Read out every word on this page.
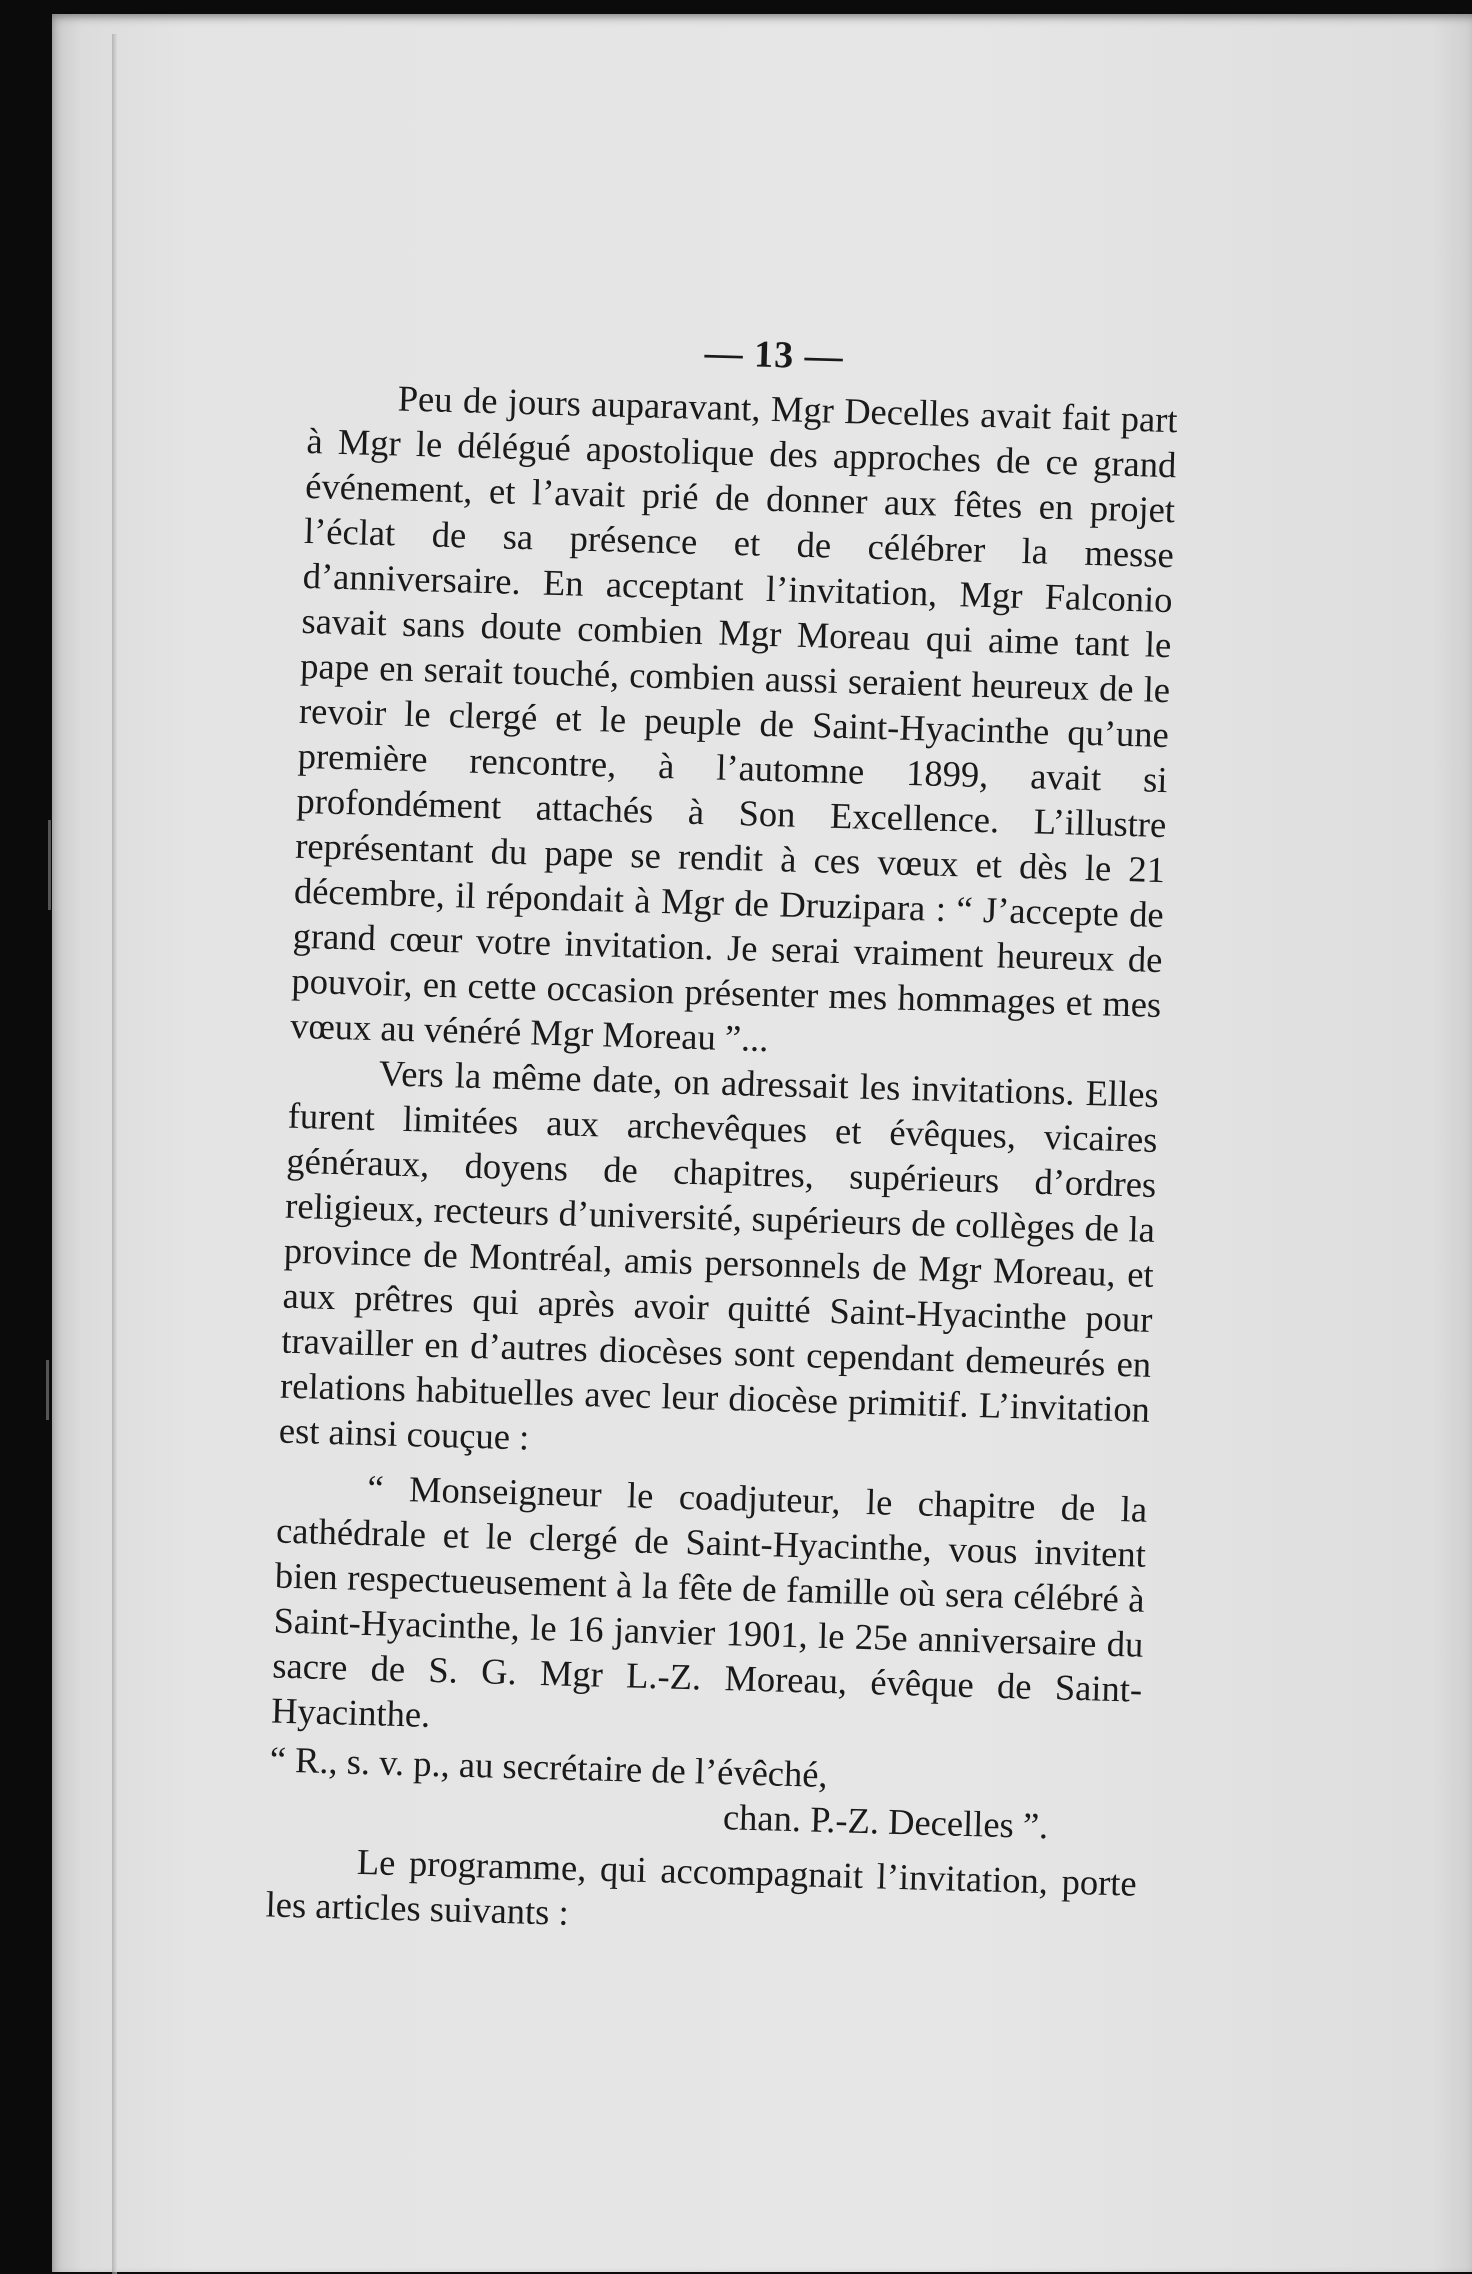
— 13 —

Peu de jours auparavant, Mgr Decelles avait fait part à Mgr le délégué apostolique des approches de ce grand événement, et l’avait prié de donner aux fêtes en projet l’éclat de sa présence et de célébrer la messe d’anniversaire. En acceptant l’invitation, Mgr Falconio savait sans doute combien Mgr Moreau qui aime tant le pape en serait touché, combien aussi seraient heureux de le revoir le clergé et le peuple de Saint-Hyacinthe qu’une première rencontre, à l’automne 1899, avait si profondément attachés à Son Excellence. L’illustre représentant du pape se rendit à ces vœux et dès le 21 décembre, il répondait à Mgr de Druzipara : “ J’accepte de grand cœur votre invitation. Je serai vraiment heureux de pouvoir, en cette occasion présenter mes hommages et mes vœux au vénéré Mgr Moreau ”...

Vers la même date, on adressait les invitations. Elles furent limitées aux archevêques et évêques, vicaires généraux, doyens de chapitres, supérieurs d’ordres religieux, recteurs d’université, supérieurs de collèges de la province de Montréal, amis personnels de Mgr Moreau, et aux prêtres qui après avoir quitté Saint-Hyacinthe pour travailler en d’autres diocèses sont cependant demeurés en relations habituelles avec leur diocèse primitif. L’invitation est ainsi couçue :

“ Monseigneur le coadjuteur, le chapitre de la cathédrale et le clergé de Saint-Hyacinthe, vous invitent bien respectueusement à la fête de famille où sera célébré à Saint-Hyacinthe, le 16 janvier 1901, le 25e anniversaire du sacre de S. G. Mgr L.-Z. Moreau, évêque de Saint-Hyacinthe.

“ R., s. v. p., au secrétaire de l’évêché,

chan. P.-Z. Decelles ”.

Le programme, qui accompagnait l’invitation, porte les articles suivants :
